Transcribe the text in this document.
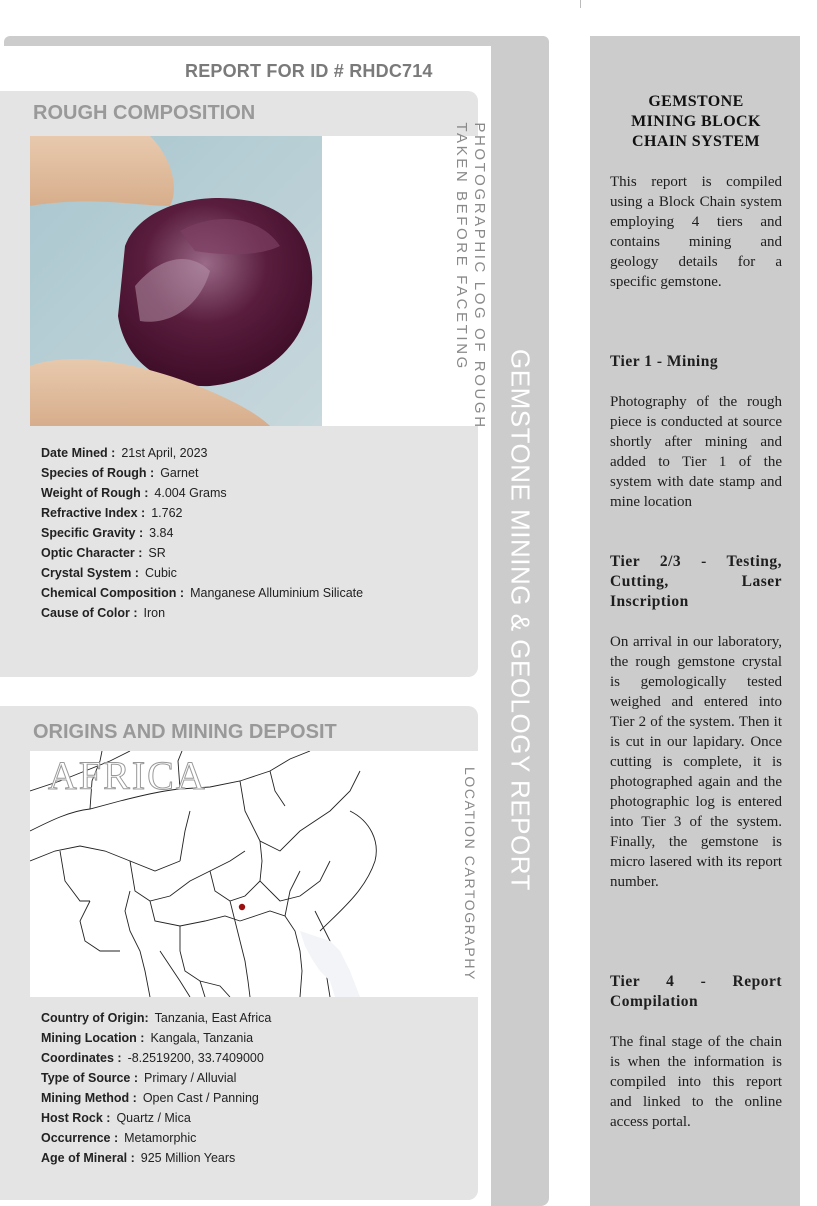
REPORT FOR ID # RHDC714
ROUGH COMPOSITION
PHOTOGRAPHIC LOG OF ROUGH
TAKEN BEFORE FACETING
Date Mined : 21st April, 2023
Species of Rough : Garnet
Weight of Rough : 4.004 Grams
Refractive Index : 1.762
Specific Gravity : 3.84
Optic Character : SR
Crystal System : Cubic
Chemical Composition : Manganese Alluminium Silicate
Cause of Color : Iron
ORIGINS AND MINING DEPOSIT
AFRICA	LOCATION CARTOGRAPHY
Country of Origin: Tanzania, East Africa
Mining Location : Kangala, Tanzania
Coordinates : -8.2519200, 33.7409000
Type of Source : Primary / Alluvial
Mining Method : Open Cast / Panning
Host Rock : Quartz / Mica
Occurrence : Metamorphic
Age of Mineral : 925 Million Years
GEMSTONE MINING & GEOLOGY REPORT
GEMSTONE
MINING BLOCK
CHAIN SYSTEM
This report is compiled using a Block Chain system employing 4 tiers and contains mining and geology details for a specific gemstone.
Tier 1 - Mining
Photography of the rough piece is conducted at source shortly after mining and added to Tier 1 of the system with date stamp and mine location
Tier 2/3 - Testing, Cutting, Laser Inscription
On arrival in our laboratory, the rough gemstone crystal is gemologically tested weighed and entered into Tier 2 of the system. Then it is cut in our lapidary. Once cutting is complete, it is photographed again and the photographic log is entered into Tier 3 of the system. Finally, the gemstone is micro lasered with its report number.
Tier 4 - Report Compilation
The final stage of the chain is when the information is compiled into this report and linked to the online access portal.
